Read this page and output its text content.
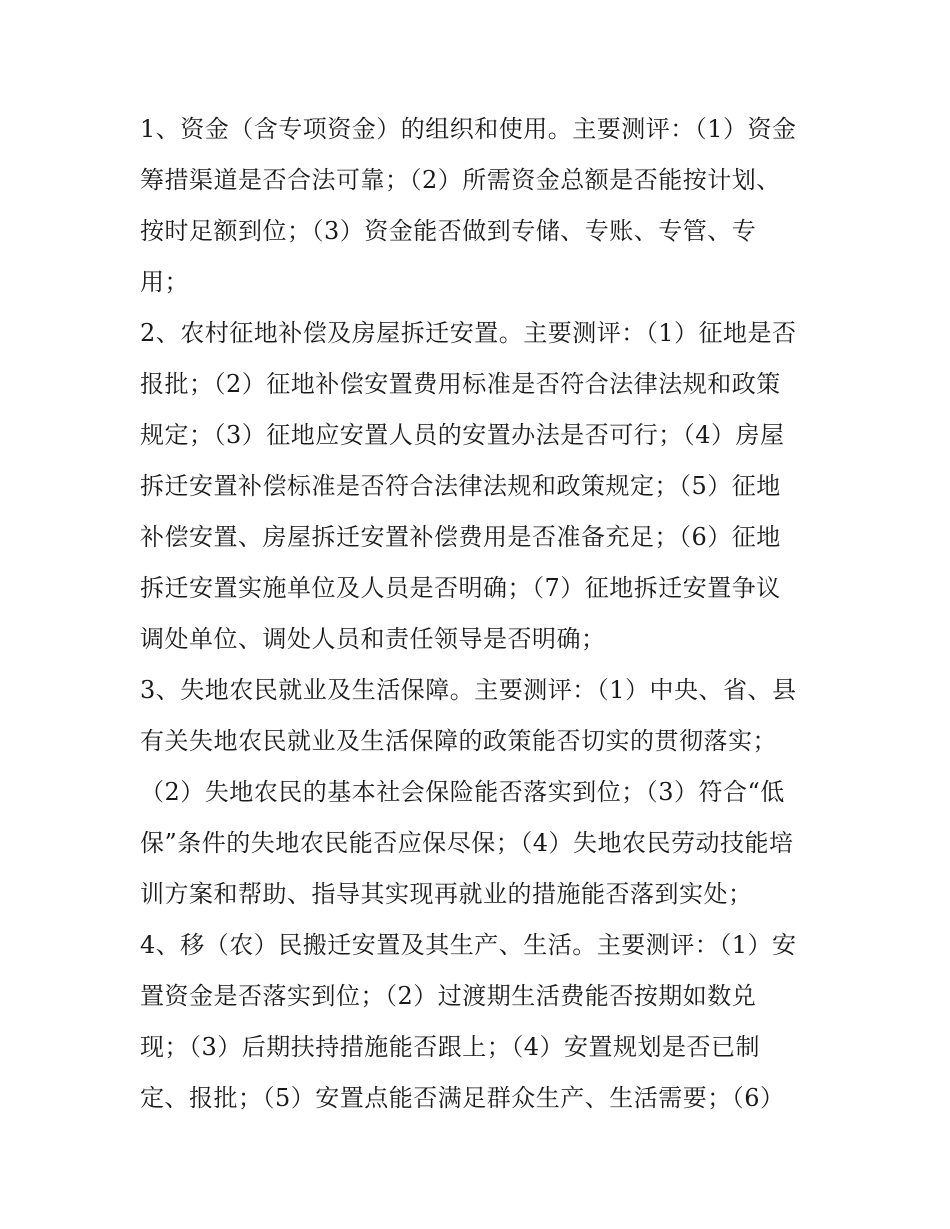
1、资金（含专项资金）的组织和使用。主要测评：（1）资金
筹措渠道是否合法可靠；（2）所需资金总额是否能按计划、
按时足额到位；（3）资金能否做到专储、专账、专管、专
用；
2、农村征地补偿及房屋拆迁安置。主要测评：（1）征地是否
报批；（2）征地补偿安置费用标准是否符合法律法规和政策
规定；（3）征地应安置人员的安置办法是否可行；（4）房屋
拆迁安置补偿标准是否符合法律法规和政策规定；（5）征地
补偿安置、房屋拆迁安置补偿费用是否准备充足；（6）征地
拆迁安置实施单位及人员是否明确；（7）征地拆迁安置争议
调处单位、调处人员和责任领导是否明确；
3、失地农民就业及生活保障。主要测评：（1）中央、省、县
有关失地农民就业及生活保障的政策能否切实的贯彻落实；
（2）失地农民的基本社会保险能否落实到位；（3）符合“低
保”条件的失地农民能否应保尽保；（4）失地农民劳动技能培
训方案和帮助、指导其实现再就业的措施能否落到实处；
4、移（农）民搬迁安置及其生产、生活。主要测评：（1）安
置资金是否落实到位；（2）过渡期生活费能否按期如数兑
现；（3）后期扶持措施能否跟上；（4）安置规划是否已制
定、报批；（5）安置点能否满足群众生产、生活需要；（6）
